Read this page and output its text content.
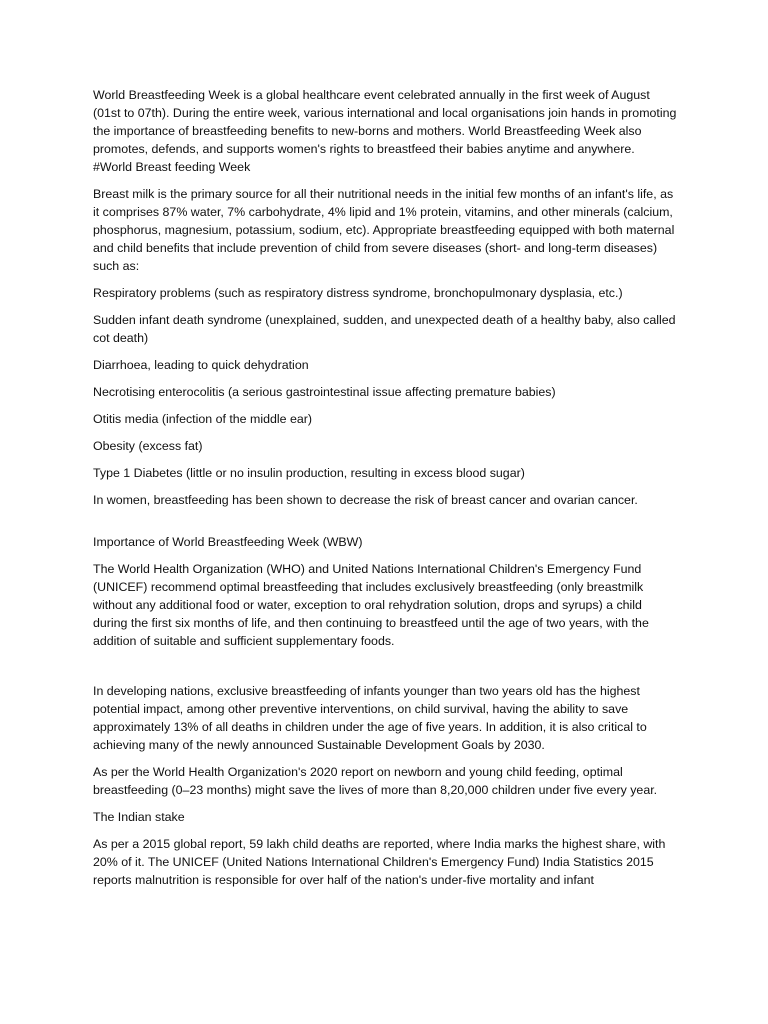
World Breastfeeding Week is a global healthcare event celebrated annually in the first week of August (01st to 07th). During the entire week, various international and local organisations join hands in promoting the importance of breastfeeding benefits to new-borns and mothers. World Breastfeeding Week also promotes, defends, and supports women's rights to breastfeed their babies anytime and anywhere. #World Breast feeding Week

Breast milk is the primary source for all their nutritional needs in the initial few months of an infant's life, as it comprises 87% water, 7% carbohydrate, 4% lipid and 1% protein, vitamins, and other minerals (calcium, phosphorus, magnesium, potassium, sodium, etc). Appropriate breastfeeding equipped with both maternal and child benefits that include prevention of child from severe diseases (short- and long-term diseases) such as:

Respiratory problems (such as respiratory distress syndrome, bronchopulmonary dysplasia, etc.)

Sudden infant death syndrome (unexplained, sudden, and unexpected death of a healthy baby, also called cot death)

Diarrhoea, leading to quick dehydration

Necrotising enterocolitis (a serious gastrointestinal issue affecting premature babies)

Otitis media (infection of the middle ear)

Obesity (excess fat)

Type 1 Diabetes (little or no insulin production, resulting in excess blood sugar)

In women, breastfeeding has been shown to decrease the risk of breast cancer and ovarian cancer.

Importance of World Breastfeeding Week (WBW)

The World Health Organization (WHO) and United Nations International Children's Emergency Fund (UNICEF) recommend optimal breastfeeding that includes exclusively breastfeeding (only breastmilk without any additional food or water, exception to oral rehydration solution, drops and syrups) a child during the first six months of life, and then continuing to breastfeed until the age of two years, with the addition of suitable and sufficient supplementary foods.

In developing nations, exclusive breastfeeding of infants younger than two years old has the highest potential impact, among other preventive interventions, on child survival, having the ability to save approximately 13% of all deaths in children under the age of five years. In addition, it is also critical to achieving many of the newly announced Sustainable Development Goals by 2030.

As per the World Health Organization's 2020 report on newborn and young child feeding, optimal breastfeeding (0–23 months) might save the lives of more than 8,20,000 children under five every year.

The Indian stake

As per a 2015 global report, 59 lakh child deaths are reported, where India marks the highest share, with 20% of it. The UNICEF (United Nations International Children's Emergency Fund) India Statistics 2015 reports malnutrition is responsible for over half of the nation's under-five mortality and infant
